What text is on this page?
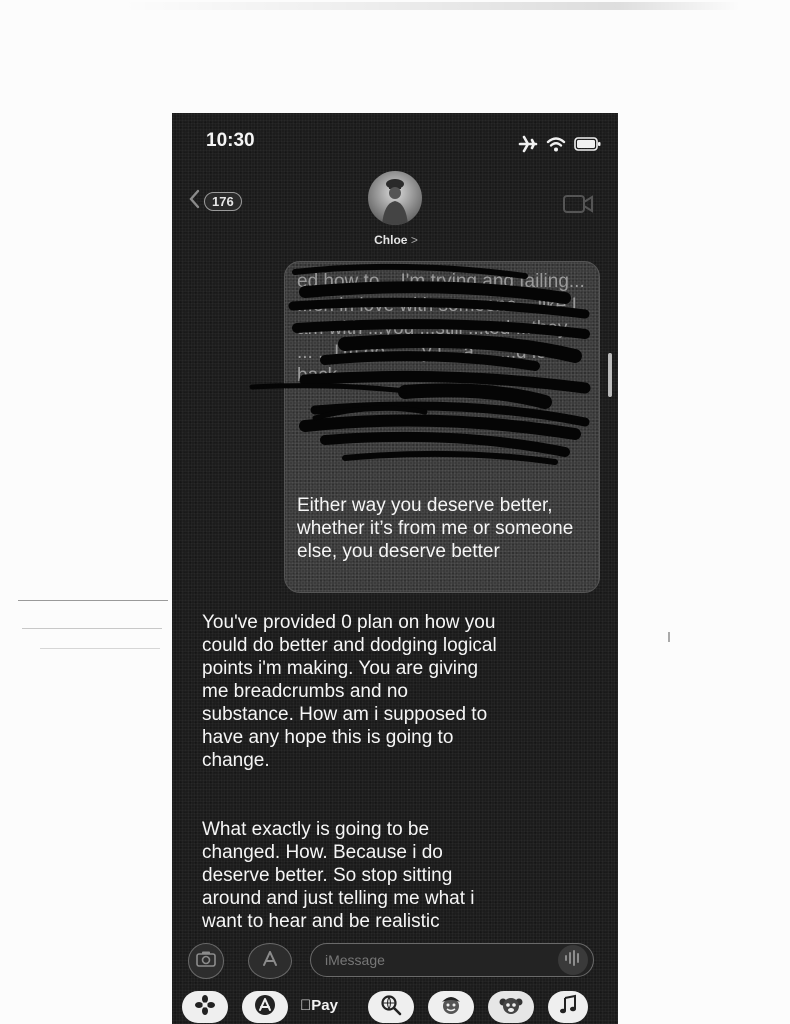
10:30
176
Chloe >
ed how to... I'm trying and failing... ...en in love with someone ...like I am with ...you ...still ...ted ...they ... ...I'm do... ...y I ...a ... ...d love back.
Either way you deserve better, whether it’s from me or someone else, you deserve better
You've provided 0 plan on how you could do better and dodging logical points i'm making. You are giving me breadcrumbs and no substance. How am i supposed to have any hope this is going to change.
What exactly is going to be changed. How. Because i do deserve better. So stop sitting around and just telling me what i want to hear and be realistic
iMessage
Pay
